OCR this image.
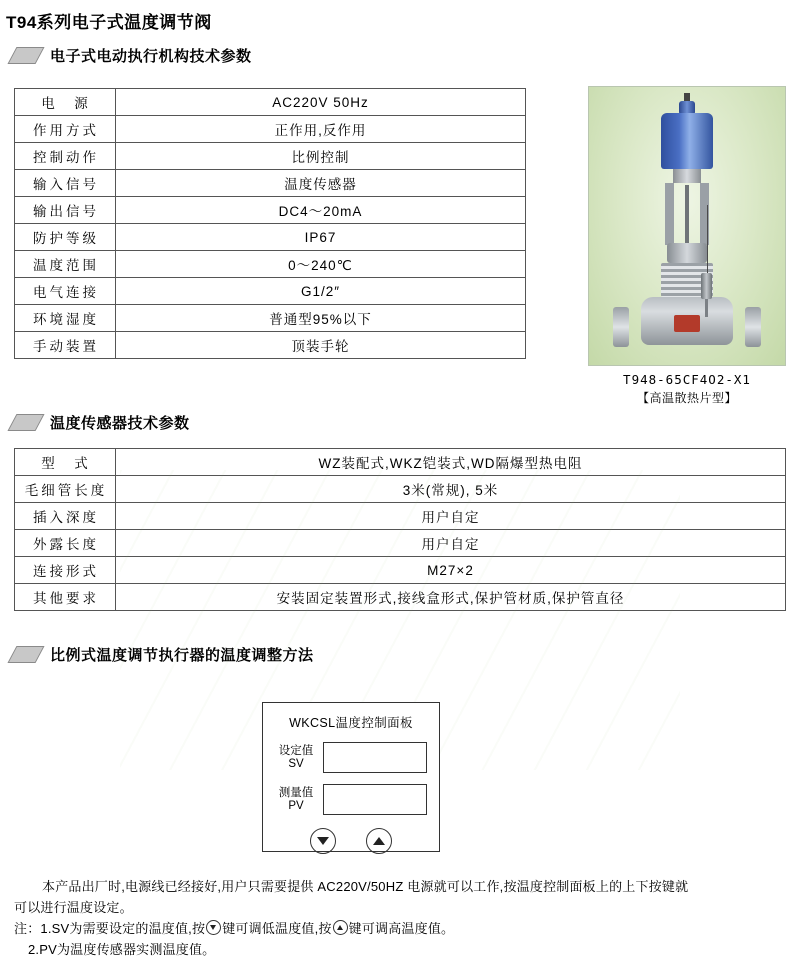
T94系列电子式温度调节阀
电子式电动执行机构技术参数
电　源	AC220V 50Hz
作用方式	正作用,反作用
控制动作	比例控制
输入信号	温度传感器
输出信号	DC4～20mA
防护等级	IP67
温度范围	0～240℃
电气连接	G1/2″
环境湿度	普通型95%以下
手动装置	顶装手轮
T948-65CF4O2-X1
【高温散热片型】
温度传感器技术参数
型　式	WZ装配式,WKZ铠装式,WD隔爆型热电阻
毛细管长度	3米(常规), 5米
插入深度	用户自定
外露长度	用户自定
连接形式	M27×2
其他要求	安装固定装置形式,接线盒形式,保护管材质,保护管直径
比例式温度调节执行器的温度调整方法
WKCSL温度控制面板
设定值
SV
测量值
PV

本产品出厂时,电源线已经接好,用户只需要提供 AC220V/50HZ 电源就可以工作,按温度控制面板上的上下按键就

可以进行温度设定。

注：1.SV为需要设定的温度值,按 键可调低温度值,按 键可调高温度值。

2.PV为温度传感器实测温度值。
